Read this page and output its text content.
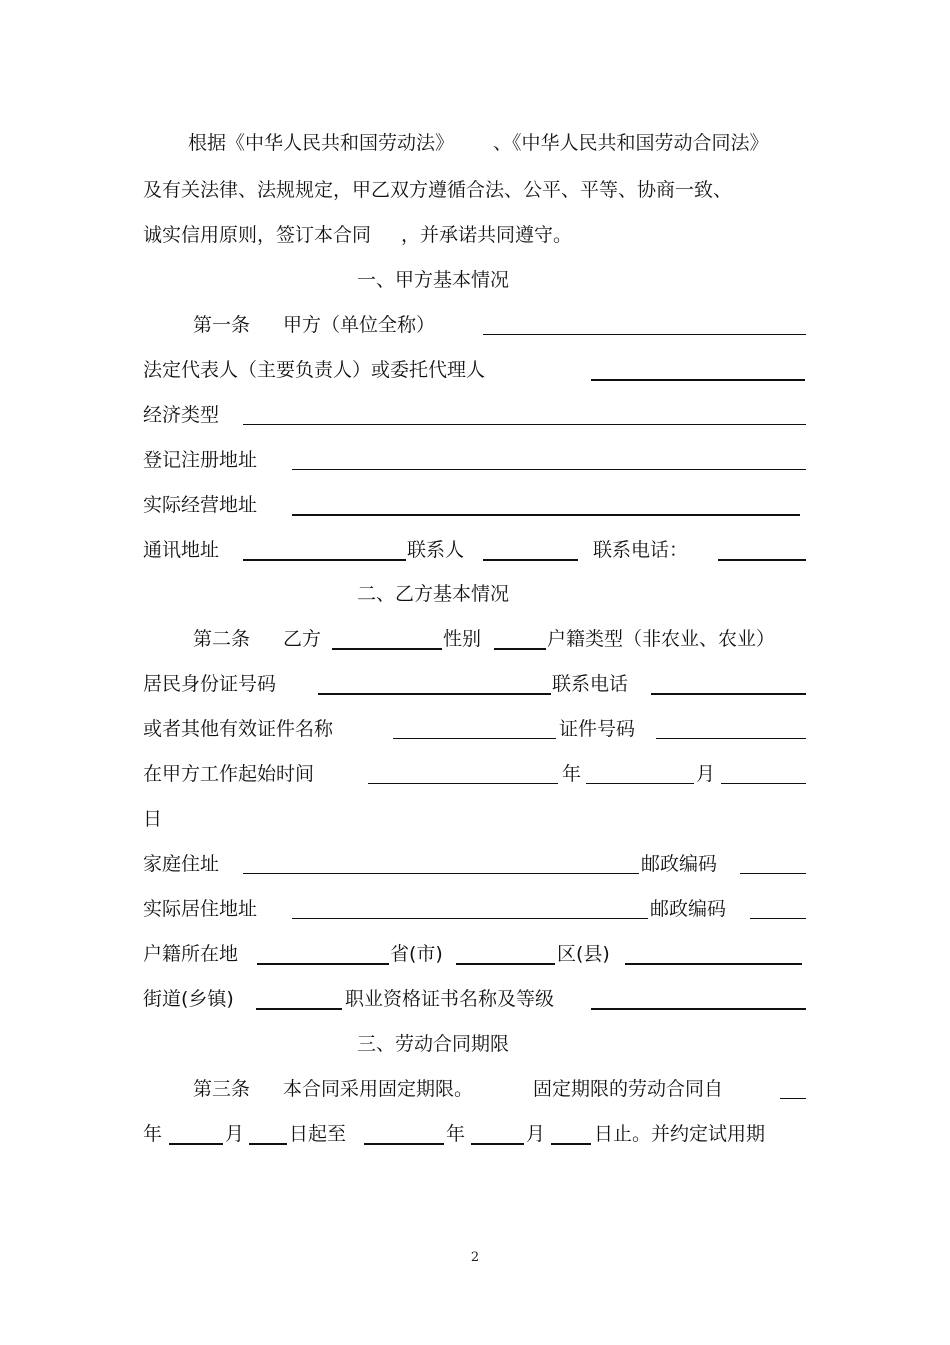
根据《中华人民共和国劳动法》 、《中华人民共和国劳动合同法》
及有关法律、法规规定，甲乙双方遵循合法、公平、平等、协商一致、
诚实信用原则，签订本合同 ，并承诺共同遵守。
一、甲方基本情况
第一条 甲方（单位全称）
法定代表人（主要负责人）或委托代理人
经济类型
登记注册地址
实际经营地址
通讯地址	联系人	联系电话：
二、乙方基本情况
第二条 乙方	性别	户籍类型（非农业、农业）
居民身份证号码	联系电话
或者其他有效证件名称	证件号码
在甲方工作起始时间	年	月
日
家庭住址	邮政编码
实际居住地址	邮政编码
户籍所在地	省(市)	区(县)
街道(乡镇)	职业资格证书名称及等级
三、劳动合同期限
第三条 本合同采用固定期限。	固定期限的劳动合同自
年	月 日起至	年	月	日止。并约定试用期
2
